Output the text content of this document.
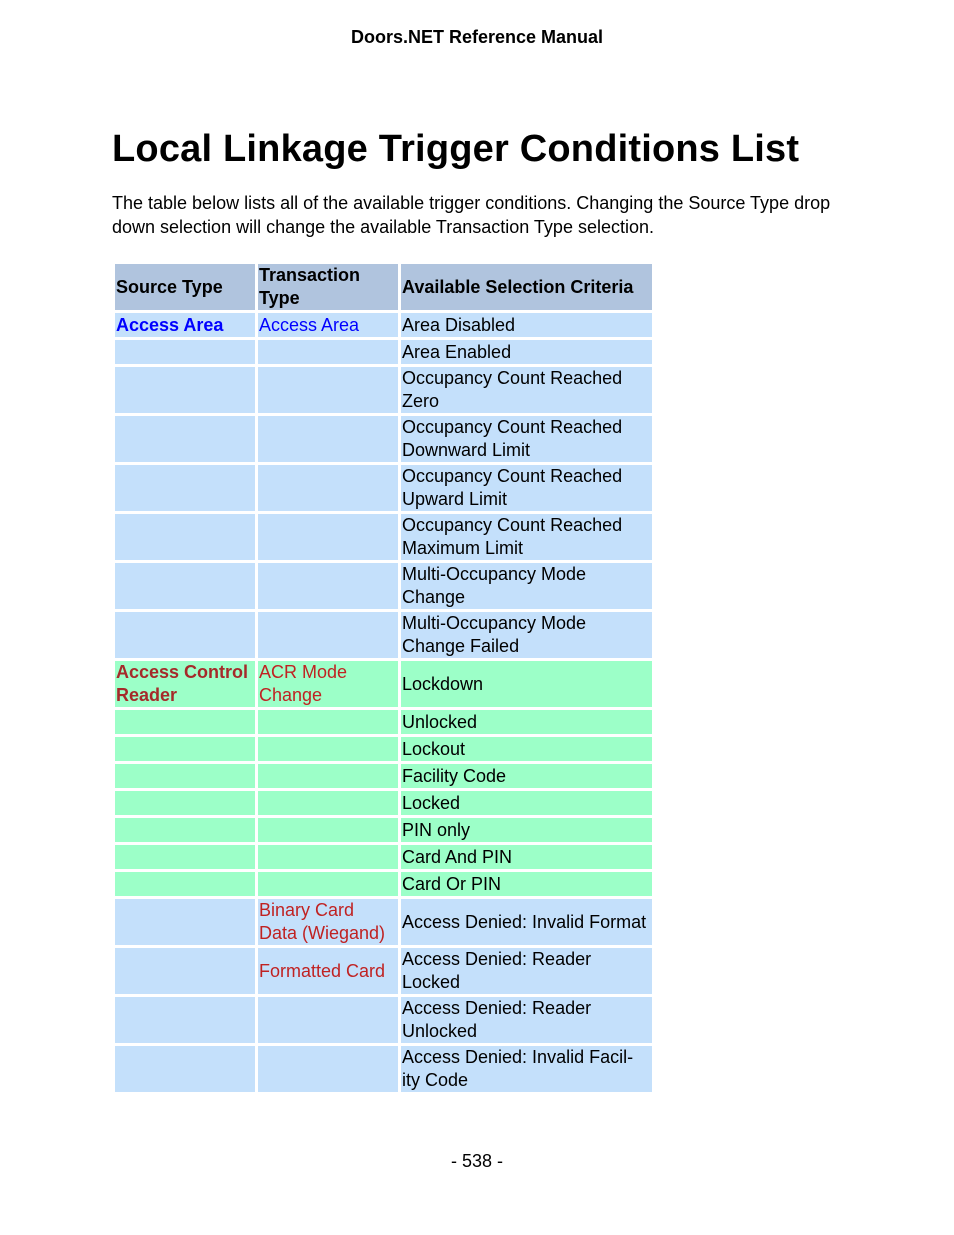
Doors.NET Reference Manual
Local Linkage Trigger Conditions List

The table below lists all of the available trigger conditions. Changing the Source Type drop down selection will change the available Transaction Type selection.

Source Type	Transaction Type	Available Selection Criteria
Access Area	Access Area	Area Disabled
		Area Enabled
		Occupancy Count Reached Zero
		Occupancy Count Reached Downward Limit
		Occupancy Count Reached Upward Limit
		Occupancy Count Reached Maximum Limit
		Multi-Occupancy Mode Change
		Multi-Occupancy Mode Change Failed
Access Control Reader	ACR Mode Change	Lockdown
		Unlocked
		Lockout
		Facility Code
		Locked
		PIN only
		Card And PIN
		Card Or PIN
	Binary Card Data (Wiegand)	Access Denied: Invalid Format
	Formatted Card	Access Denied: Reader Locked
		Access Denied: Reader Unlocked
		Access Denied: Invalid Facil-ity Code
- 538 -
